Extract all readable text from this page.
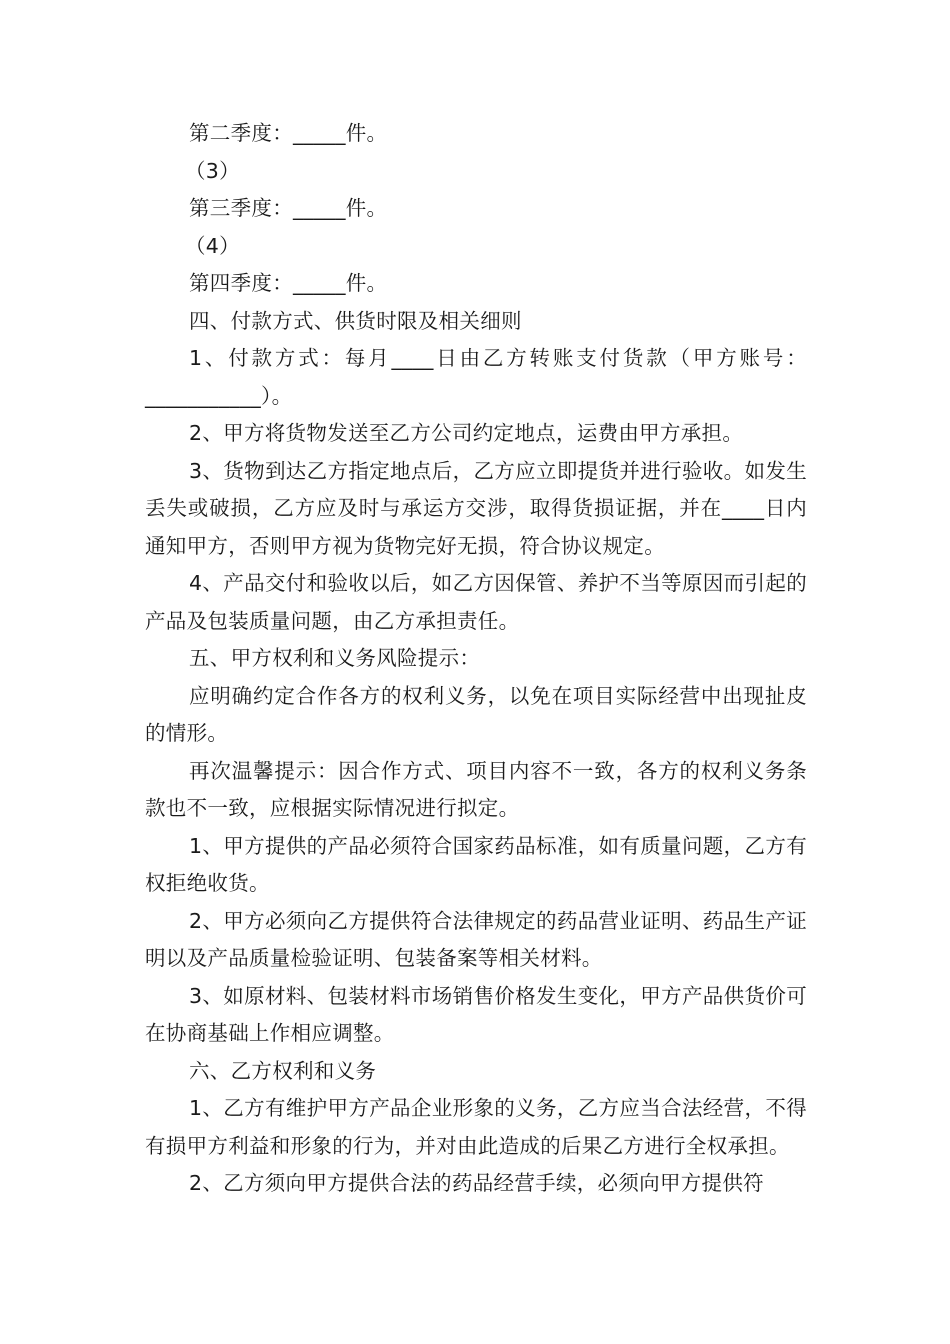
第二季度：_____件。

（3）

第三季度：_____件。

（4）

第四季度：_____件。

四、付款方式、供货时限及相关细则

1、付款方式：每月____日由乙方转账支付货款（甲方账号：___________）。

2、甲方将货物发送至乙方公司约定地点，运费由甲方承担。

3、货物到达乙方指定地点后，乙方应立即提货并进行验收。如发生丢失或破损，乙方应及时与承运方交涉，取得货损证据，并在____日内通知甲方，否则甲方视为货物完好无损，符合协议规定。

4、产品交付和验收以后，如乙方因保管、养护不当等原因而引起的产品及包装质量问题，由乙方承担责任。

五、甲方权利和义务风险提示：

应明确约定合作各方的权利义务，以免在项目实际经营中出现扯皮的情形。

再次温馨提示：因合作方式、项目内容不一致，各方的权利义务条款也不一致，应根据实际情况进行拟定。

1、甲方提供的产品必须符合国家药品标准，如有质量问题，乙方有权拒绝收货。

2、甲方必须向乙方提供符合法律规定的药品营业证明、药品生产证明以及产品质量检验证明、包装备案等相关材料。

3、如原材料、包装材料市场销售价格发生变化，甲方产品供货价可在协商基础上作相应调整。

六、乙方权利和义务

1、乙方有维护甲方产品企业形象的义务，乙方应当合法经营，不得有损甲方利益和形象的行为，并对由此造成的后果乙方进行全权承担。

2、乙方须向甲方提供合法的药品经营手续，必须向甲方提供符
